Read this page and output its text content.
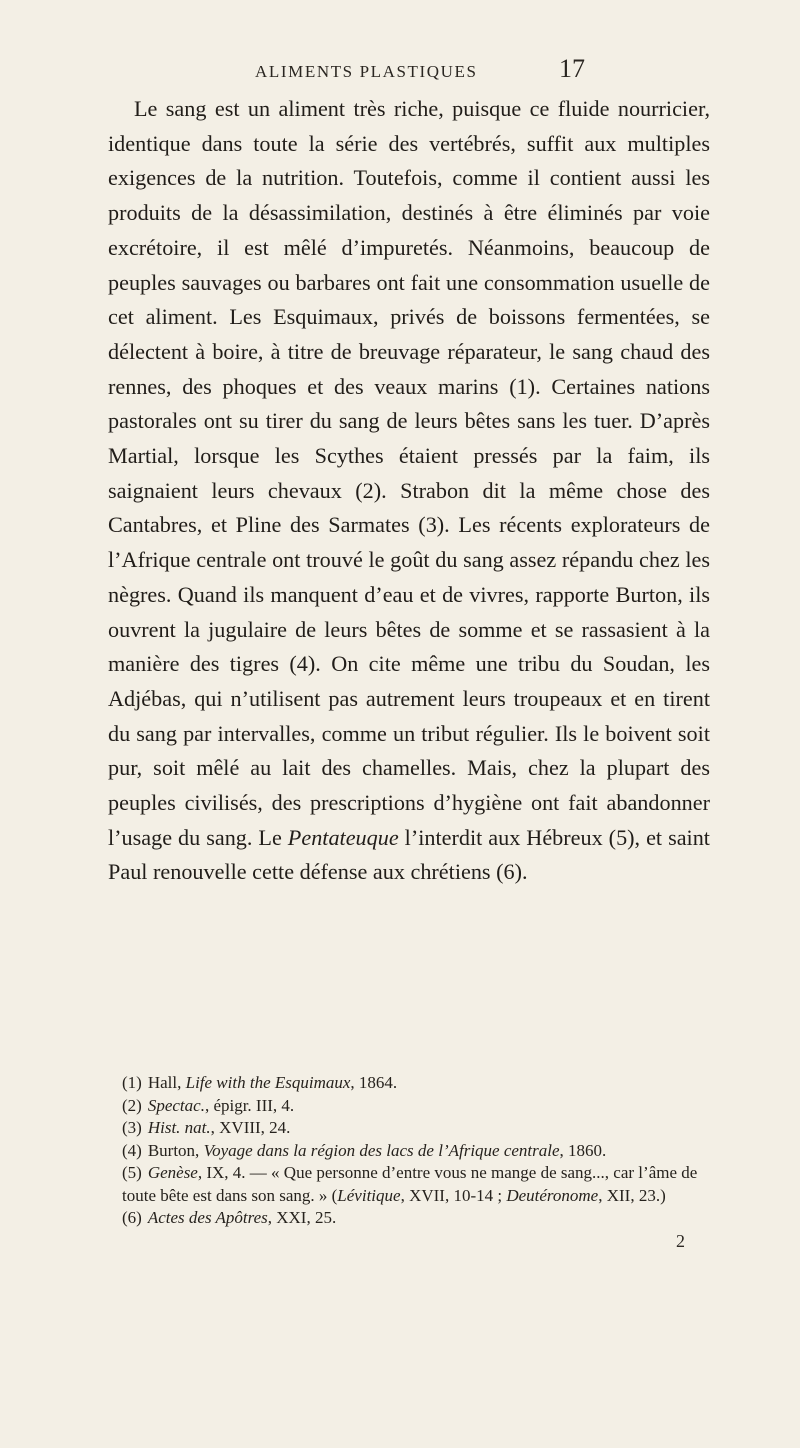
ALIMENTS PLASTIQUES	17

Le sang est un aliment très riche, puisque ce fluide nourricier, identique dans toute la série des vertébrés, suffit aux multiples exigences de la nutrition. Toutefois, comme il contient aussi les produits de la désassimilation, destinés à être éliminés par voie excrétoire, il est mêlé d’impuretés. Néanmoins, beaucoup de peuples sauvages ou barbares ont fait une consommation usuelle de cet aliment. Les Esquimaux, privés de boissons fermentées, se délectent à boire, à titre de breuvage réparateur, le sang chaud des rennes, des phoques et des veaux marins (1). Certaines nations pastorales ont su tirer du sang de leurs bêtes sans les tuer. D’après Martial, lorsque les Scythes étaient pressés par la faim, ils saignaient leurs chevaux (2). Strabon dit la même chose des Cantabres, et Pline des Sarmates (3). Les récents explorateurs de l’Afrique centrale ont trouvé le goût du sang assez répandu chez les nègres. Quand ils manquent d’eau et de vivres, rapporte Burton, ils ouvrent la jugulaire de leurs bêtes de somme et se rassasient à la manière des tigres (4). On cite même une tribu du Soudan, les Adjébas, qui n’utilisent pas autrement leurs troupeaux et en tirent du sang par intervalles, comme un tribut régulier. Ils le boivent soit pur, soit mêlé au lait des chamelles. Mais, chez la plupart des peuples civilisés, des prescriptions d’hygiène ont fait abandonner l’usage du sang. Le Pentateuque l’interdit aux Hébreux (5), et saint Paul renouvelle cette défense aux chrétiens (6).

(1) Hall, Life with the Esquimaux, 1864.
(2) Spectac., épigr. III, 4.
(3) Hist. nat., XVIII, 24.
(4) Burton, Voyage dans la région des lacs de l’Afrique centrale, 1860.
(5) Genèse, IX, 4. — « Que personne d’entre vous ne mange de sang..., car l’âme de toute bête est dans son sang. » (Lévitique, XVII, 10-14 ; Deutéronome, XII, 23.)
(6) Actes des Apôtres, XXI, 25.
2
